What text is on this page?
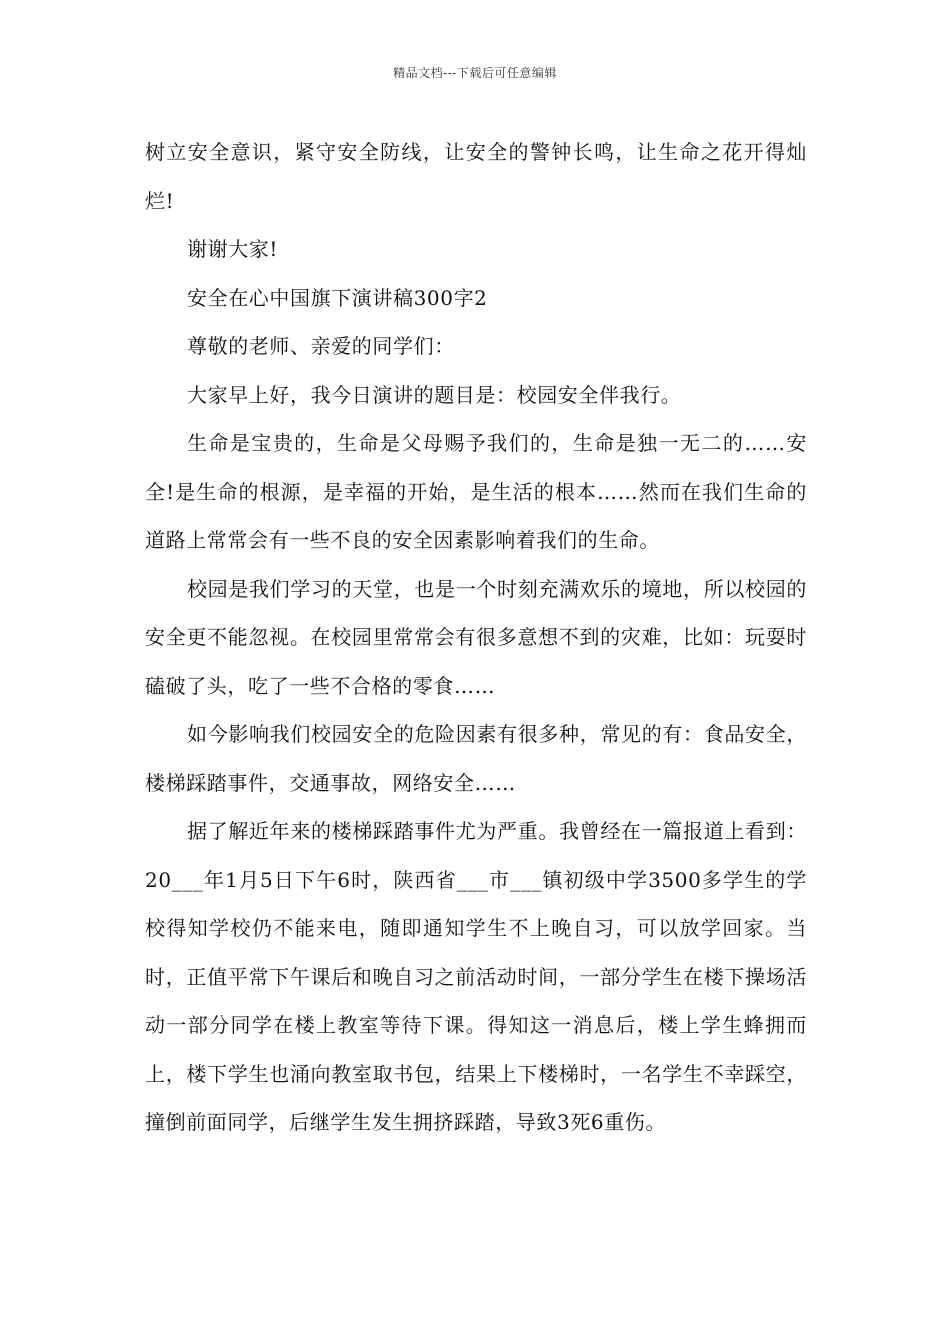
精品文档---下载后可任意编辑

树立安全意识，紧守安全防线，让安全的警钟长鸣，让生命之花开得灿烂!

谢谢大家!

安全在心中国旗下演讲稿300字2

尊敬的老师、亲爱的同学们：

大家早上好，我今日演讲的题目是：校园安全伴我行。

生命是宝贵的，生命是父母赐予我们的，生命是独一无二的……安全!是生命的根源，是幸福的开始，是生活的根本……然而在我们生命的道路上常常会有一些不良的安全因素影响着我们的生命。

校园是我们学习的天堂，也是一个时刻充满欢乐的境地，所以校园的安全更不能忽视。在校园里常常会有很多意想不到的灾难，比如：玩耍时磕破了头，吃了一些不合格的零食……

如今影响我们校园安全的危险因素有很多种，常见的有：食品安全，楼梯踩踏事件，交通事故，网络安全……

据了解近年来的楼梯踩踏事件尤为严重。我曾经在一篇报道上看到：20___年1月5日下午6时，陕西省___市___镇初级中学3500多学生的学校得知学校仍不能来电，随即通知学生不上晚自习，可以放学回家。当时，正值平常下午课后和晚自习之前活动时间，一部分学生在楼下操场活动一部分同学在楼上教室等待下课。得知这一消息后，楼上学生蜂拥而上，楼下学生也涌向教室取书包，结果上下楼梯时，一名学生不幸踩空，撞倒前面同学，后继学生发生拥挤踩踏，导致3死6重伤。
